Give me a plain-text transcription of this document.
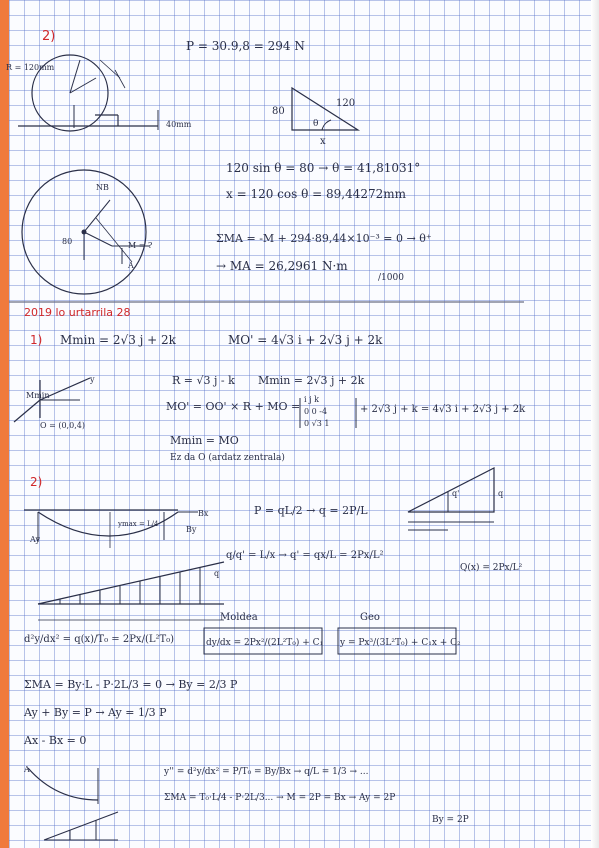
2)
P = 30.9,8 = 294 N
R = 120mm
40mm
120
80
x
θ
80
NB
M = ?
A
120 sin θ = 80 → θ = 41,81031°
x = 120 cos θ = 89,44272mm
ΣMA = -M + 294·89,44×10⁻³ = 0 → θ⁺
→ MA = 26,2961 N·m
/1000
2019 lo urtarrila 28
1) Mmin = 2√3 j + 2k	MO' = 4√3 i + 2√3 j + 2k
Mmin
y
O = (0,0,4)
R = √3 j - k Mmin = 2√3 j + 2k
MO' = OO' × R + MO =
i j k
0 0 -4
0 √3 1
+ 2√3 j + k = 4√3 i + 2√3 j + 2k
Mmin = MO
Ez da O (ardatz zentrala)
2)
ymax = L/4
Bx
By
Ay
q
P = qL/2 → q = 2P/L
q'	q
q/q' = L/x → q' = qx/L = 2Px/L²
Q(x) = 2Px/L²
d²y/dx² = q(x)/T₀ = 2Px/(L²T₀)
Moldea	Geo
dy/dx = 2Px²/(2L²T₀) + C₁ y = Px³/(3L²T₀) + C₁x + C₂
ΣMA = By·L - P·2L/3 = 0 → By = 2/3 P
Ay + By = P → Ay = 1/3 P
Ax - Bx = 0
A	y'' = d²y/dx² = P/T₀ = By/Bx → q/L = 1/3 → ...
ΣMA = T₀·L/4 - P·2L/3... → M = 2P = Bx → Ay = 2P
By = 2P
